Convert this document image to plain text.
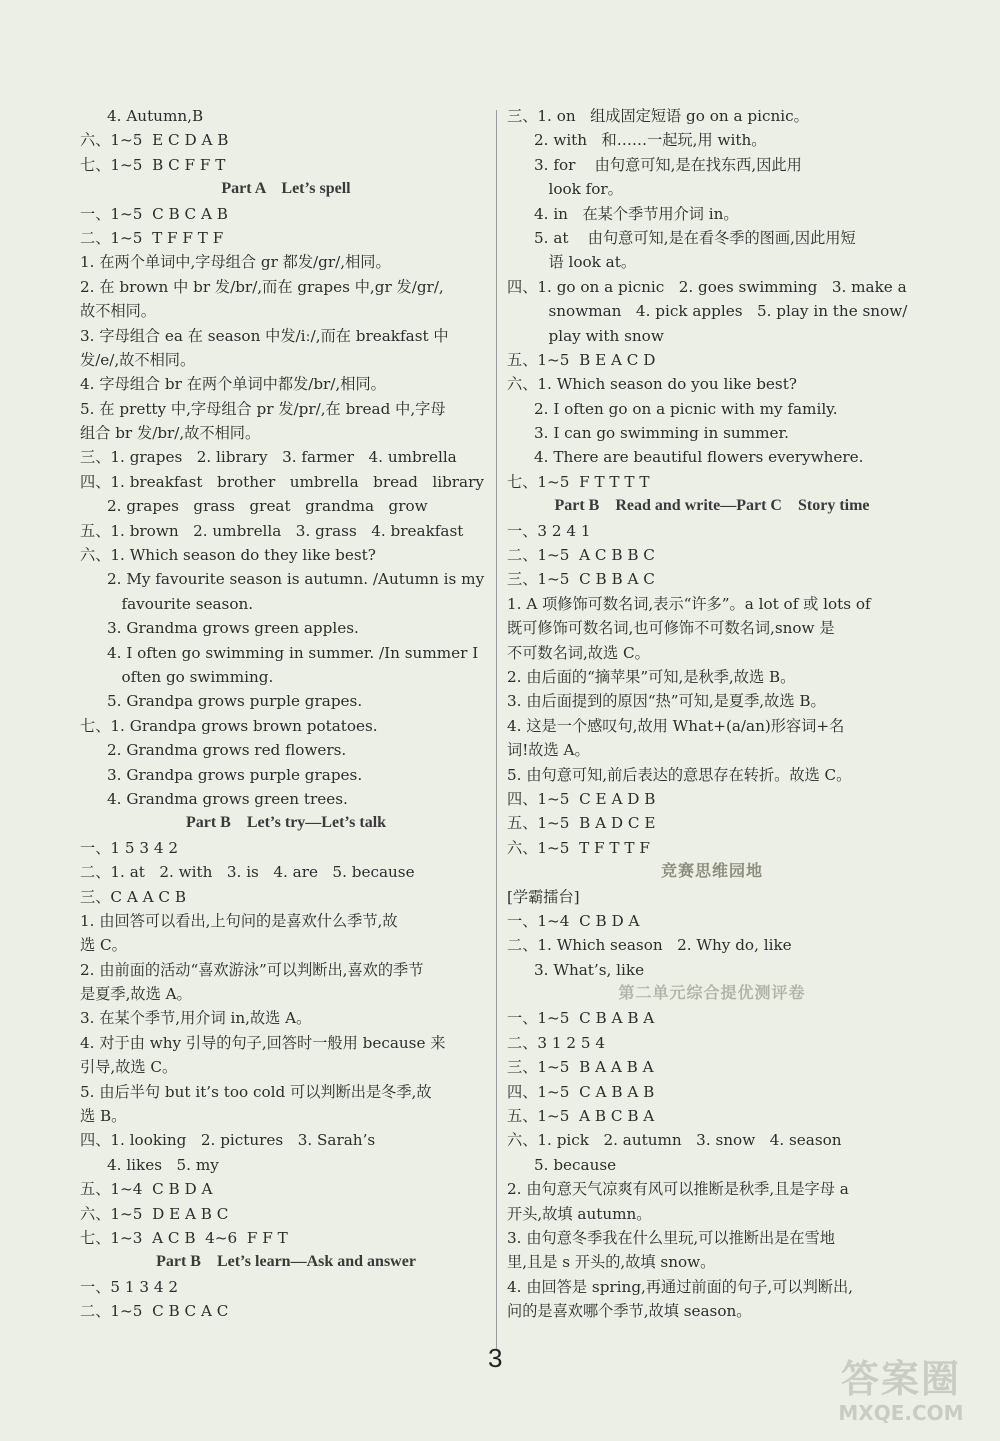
4. Autumn,B
六、 1~5  E C D A B
七、 1~5  B C F F T
Part A    Let’s spell
一、 1~5  C B C A B
二、 1~5  T F F T F
1. 在两个单词中,字母组合 gr 都发/gr/,相同。
2. 在 brown 中 br 发/br/,而在 grapes 中,gr 发/gr/,
故不相同。
3. 字母组合 ea 在 season 中发/iː/,而在 breakfast 中
发/e/,故不相同。
4. 字母组合 br 在两个单词中都发/br/,相同。
5. 在 pretty 中,字母组合 pr 发/pr/,在 bread 中,字母
组合 br 发/br/,故不相同。
三、 1. grapes   2. library   3. farmer   4. umbrella
四、 1. breakfast   brother   umbrella   bread   library
2. grapes   grass   great   grandma   grow
五、 1. brown   2. umbrella   3. grass   4. breakfast
六、 1. Which season do they like best?
2. My favourite season is autumn. /Autumn is my

favourite season.
3. Grandma grows green apples.
4. I often go swimming in summer. /In summer I

often go swimming.
5. Grandpa grows purple grapes.
七、 1. Grandpa grows brown potatoes.
2. Grandma grows red flowers.
3. Grandpa grows purple grapes.
4. Grandma grows green trees.
Part B    Let’s try—Let’s talk
一、 1 5 3 4 2
二、 1. at   2. with   3. is   4. are   5. because
三、 C A A C B
1. 由回答可以看出,上句问的是喜欢什么季节,故
选 C。
2. 由前面的活动“喜欢游泳”可以判断出,喜欢的季节
是夏季,故选 A。
3. 在某个季节,用介词 in,故选 A。
4. 对于由 why 引导的句子,回答时一般用 because 来
引导,故选 C。
5. 由后半句 but it’s too cold 可以判断出是冬季,故
选 B。
四、 1. looking   2. pictures   3. Sarah’s
4. likes   5. my
五、 1~4  C B D A
六、 1~5  D E A B C
七、 1~3  A C B  4~6  F F T
Part B    Let’s learn—Ask and answer
一、 5 1 3 4 2
二、 1~5  C B C A C
三、 1. on   组成固定短语 go on a picnic。
2. with   和……一起玩,用 with。
3. for    由句意可知,是在找东西,因此用

look for。
4. in   在某个季节用介词 in。
5. at    由句意可知,是在看冬季的图画,因此用短

语 look at。
四、 1. go on a picnic   2. goes swimming   3. make a

snowman   4. pick apples   5. play in the snow/

play with snow
五、 1~5  B E A C D
六、 1. Which season do you like best?
2. I often go on a picnic with my family.
3. I can go swimming in summer.
4. There are beautiful flowers everywhere.
七、 1~5  F T T T T
Part B    Read and write—Part C    Story time
一、 3 2 4 1
二、 1~5  A C B B C
三、 1~5  C B B A C
1. A 项修饰可数名词,表示“许多”。a lot of 或 lots of
既可修饰可数名词,也可修饰不可数名词,snow 是
不可数名词,故选 C。
2. 由后面的“摘苹果”可知,是秋季,故选 B。
3. 由后面提到的原因“热”可知,是夏季,故选 B。
4. 这是一个感叹句,故用 What+(a/an)形容词+名
词!故选 A。
5. 由句意可知,前后表达的意思存在转折。故选 C。
四、 1~5  C E A D B
五、 1~5  B A D C E
六、 1~5  T F T T F
竞赛思维园地
[学霸擂台]
一、 1~4  C B D A
二、 1. Which season   2. Why do, like
3. What’s, like
第二单元综合提优测评卷
一、 1~5  C B A B A
二、 3 1 2 5 4
三、 1~5  B A A B A
四、 1~5  C A B A B
五、 1~5  A B C B A
六、 1. pick   2. autumn   3. snow   4. season
5. because
2. 由句意天气凉爽有风可以推断是秋季,且是字母 a
开头,故填 autumn。
3. 由句意冬季我在什么里玩,可以推断出是在雪地
里,且是 s 开头的,故填 snow。
4. 由回答是 spring,再通过前面的句子,可以判断出,
问的是喜欢哪个季节,故填 season。
3	答案圈
MXQE.COM
